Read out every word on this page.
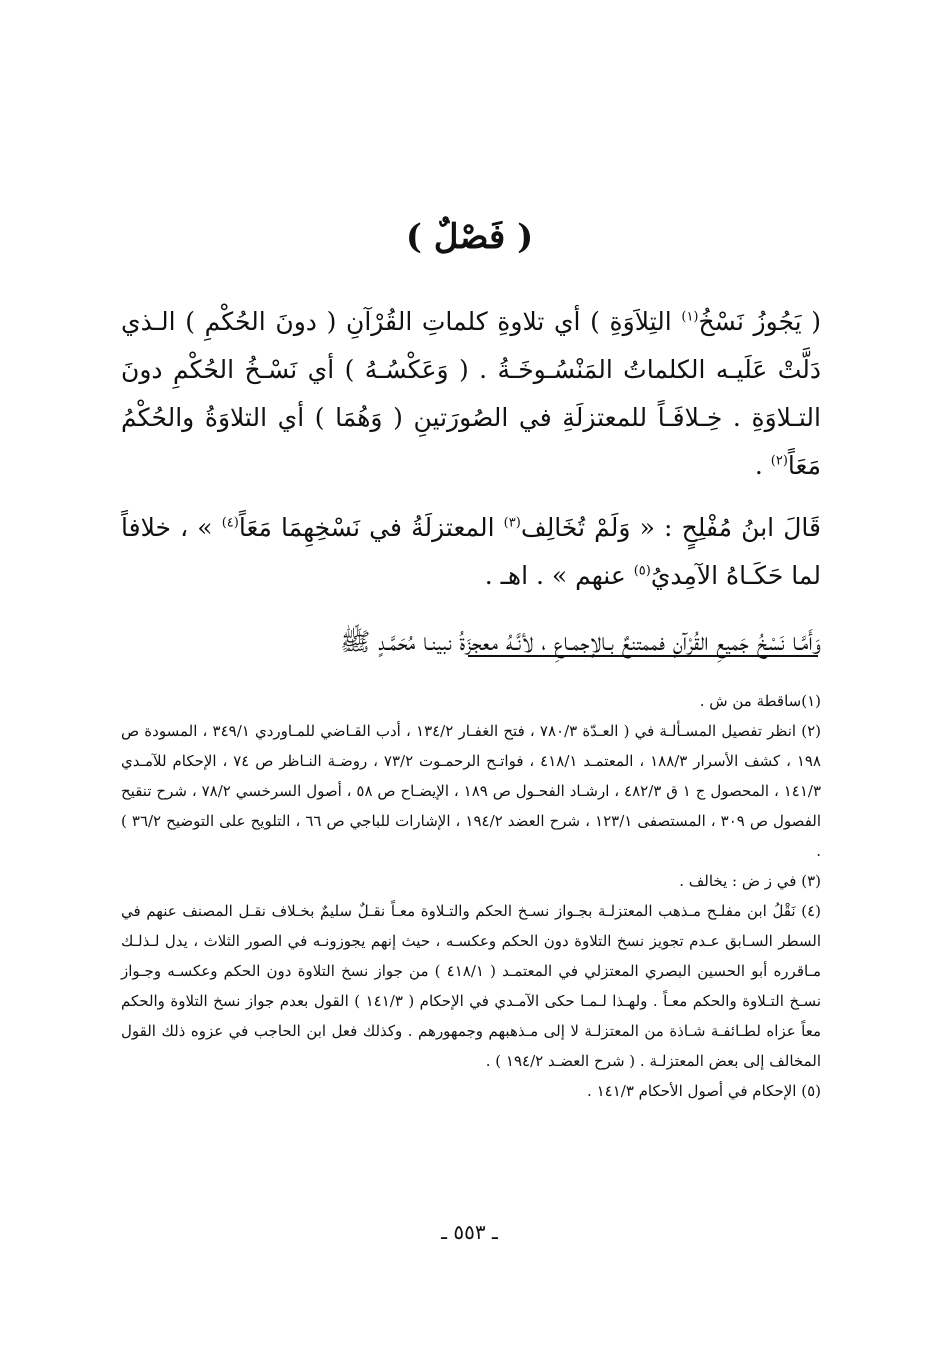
( فَصْلٌ )

( يَجُوزُ نَسْخُ$^{(١)}$ التِلاَوَةِ ) أي تلاوةِ كلماتِ القُرْآنِ ( دونَ الحُكْمِ ) الـذي دَلَّتْ عَلَيـه الكلماتُ المَنْسُـوخَـةُ . ( وَعَكْسُـهُ ) أي نَسْـخُ الحُكْمِ دونَ التـلاوَةِ . خِـلافَـاً للمعتزلَةِ في الصُورَتينِ ( وَهُمَا ) أي التلاوَةُ والحُكْمُ مَعَاً$^{(٢)}$ .

قَالَ ابنُ مُفْلِحٍ : « وَلَمْ تُخَالِف$^{(٣)}$ المعتزلَةُ في نَسْخِهِمَا مَعَاً$^{(٤)}$ » ، خلافاً لما حَكَـاهُ الآمِديُ$^{(٥)}$ عنهم » . اهـ .

وَأَمَّـا نَسْخُ جَميعِ القُرْآنِ فممتنعٌ بـالإجمـاعِ ، لأنَّـهُ معجزَةُ نبينـا مُحَمَّـدٍ ﷺ

(١)ساقطة من ش .

(٢) انظر تفصيل المسـألـة في ( العـدّة ٧٨٠/٣ ، فتح الغفـار ١٣٤/٢ ، أدب القـاضي للمـاوردي ٣٤٩/١ ، المسودة ص ١٩٨ ، كشف الأسرار ١٨٨/٣ ، المعتمـد ٤١٨/١ ، فواتـح الرحمـوت ٧٣/٢ ، روضـة النـاظر ص ٧٤ ، الإحكام للآمـدي ١٤١/٣ ، المحصول ج ١ ق ٤٨٢/٣ ، ارشـاد الفحـول ص ١٨٩ ، الإيضـاح ص ٥٨ ، أصول السرخسي ٧٨/٢ ، شرح تنقيح الفصول ص ٣٠٩ ، المستصفى ١٢٣/١ ، شرح العضد ١٩٤/٢ ، الإشارات للباجي ص ٦٦ ، التلويح على التوضيح ٣٦/٢ ) .

(٣) في ز ض : يخالف .

(٤) نَقْلُ ابن مفلـح مـذهب المعتزلـة بجـواز نسـخ الحكم والتـلاوة معـاً نقـلٌ سليمٌ بخـلاف نقـل المصنف عنهم في السطر السـابق عـدم تجويز نسخ التلاوة دون الحكم وعكسـه ، حيث إنهم يجوزونـه في الصور الثلاث ، يدل لـذلـك مـاقرره أبو الحسين البصري المعتزلي في المعتمـد ( ٤١٨/١ ) من جواز نسخ التلاوة دون الحكم وعكسـه وجـواز نسـخ التـلاوة والحكم معـاً . ولهـذا لـمـا حكى الآمـدي في الإحكام ( ١٤١/٣ ) القول بعدم جواز نسخ التلاوة والحكم معاً عزاه لطـائفـة شـاذة من المعتزلـة لا إلى مـذهبهم وجمهورهم . وكذلك فعل ابن الحاجب في عزوه ذلك القول المخالف إلى بعض المعتزلـة . ( شرح العضـد ١٩٤/٢ ) .

(٥) الإحكام في أصول الأحكام ١٤١/٣ .

ـ ٥٥٣ ـ
